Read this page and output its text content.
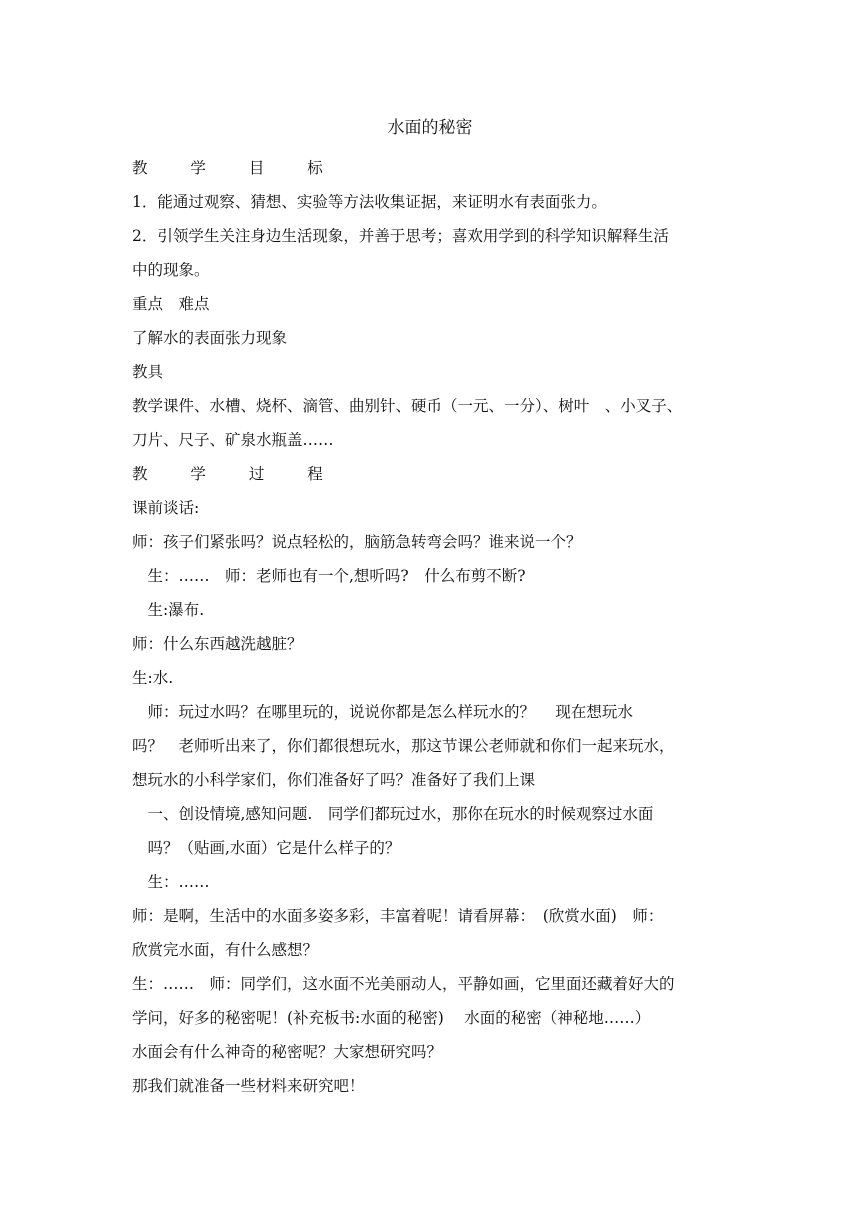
水面的秘密
教 学 目 标
1．能通过观察、猜想、实验等方法收集证据，来证明水有表面张力。
2．引领学生关注身边生活现象，并善于思考；喜欢用学到的科学知识解释生活
中的现象。
重点　难点
了解水的表面张力现象
教具
教学课件、水槽、烧杯、滴管、曲别针、硬币（一元、一分）、树叶　、小叉子、
刀片、尺子、矿泉水瓶盖……
教 学 过 程
课前谈话:
师：孩子们紧张吗？说点轻松的，脑筋急转弯会吗？谁来说一个？
　生：……　师：老师也有一个,想听吗?　什么布剪不断?
　生:瀑布.
师：什么东西越洗越脏？
生:水.
　师：玩过水吗？在哪里玩的，说说你都是怎么样玩水的？　 现在想玩水
吗？　老师听出来了，你们都很想玩水，那这节课公老师就和你们一起来玩水，
想玩水的小科学家们，你们准备好了吗？准备好了我们上课
　一、创设情境,感知问题.　同学们都玩过水，那你在玩水的时候观察过水面
　吗？（贴画,水面）它是什么样子的？
　生：……
师：是啊，生活中的水面多姿多彩，丰富着呢！请看屏幕：　(欣赏水面)　师：
欣赏完水面，有什么感想？
生：……　师：同学们，这水面不光美丽动人，平静如画，它里面还藏着好大的
学问，好多的秘密呢！(补充板书:水面的秘密)　 水面的秘密（神秘地……）
水面会有什么神奇的秘密呢？大家想研究吗？
那我们就准备一些材料来研究吧！
